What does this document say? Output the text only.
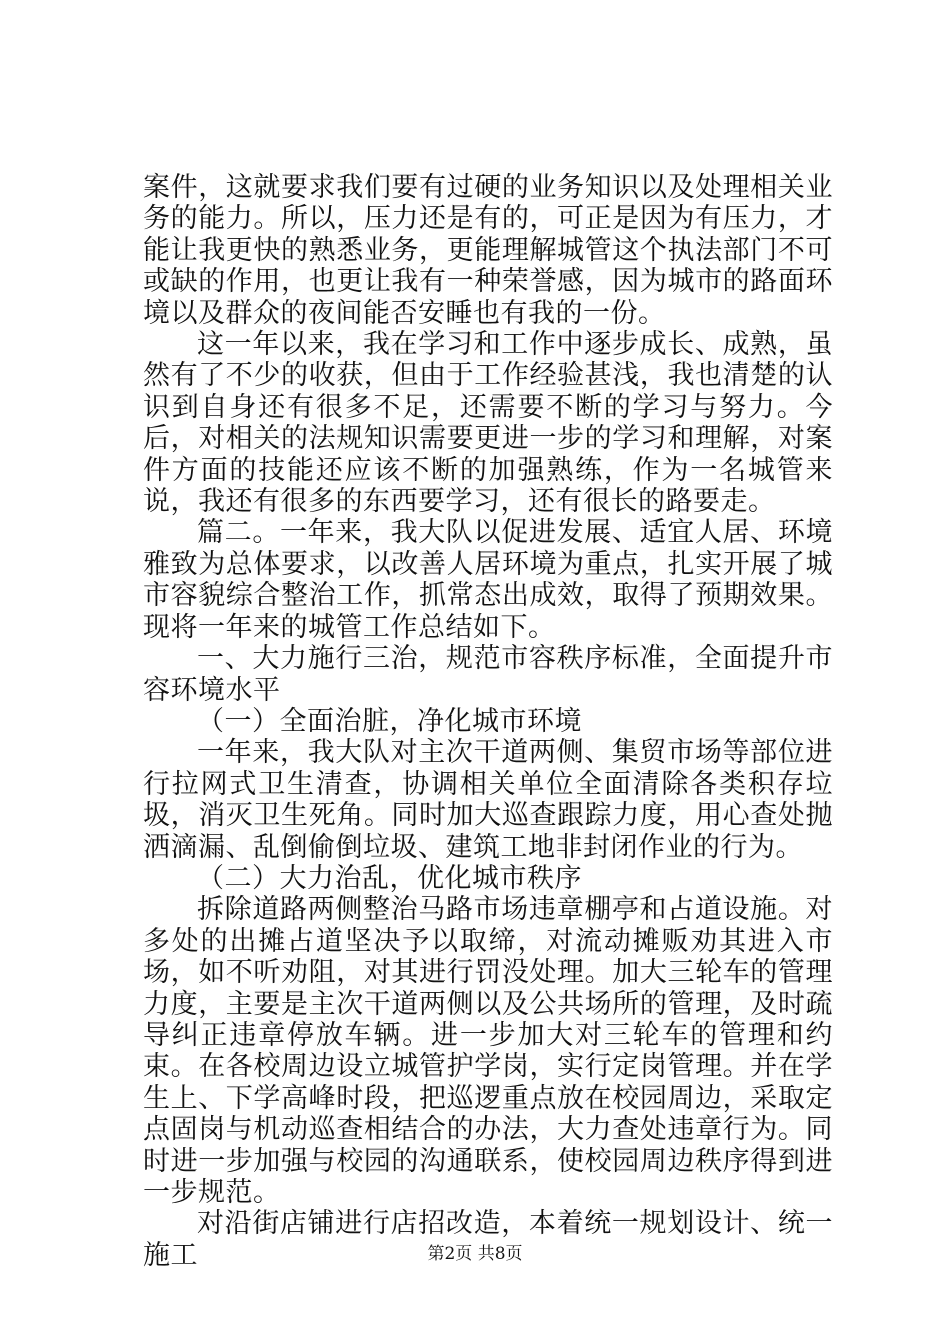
案件，这就要求我们要有过硬的业务知识以及处理相关业务的能力。所以，压力还是有的，可正是因为有压力，才能让我更快的熟悉业务，更能理解城管这个执法部门不可或缺的作用，也更让我有一种荣誉感，因为城市的路面环境以及群众的夜间能否安睡也有我的一份。

这一年以来，我在学习和工作中逐步成长、成熟，虽然有了不少的收获，但由于工作经验甚浅，我也清楚的认识到自身还有很多不足，还需要不断的学习与努力。今后，对相关的法规知识需要更进一步的学习和理解，对案件方面的技能还应该不断的加强熟练，作为一名城管来说，我还有很多的东西要学习，还有很长的路要走。

篇二。一年来，我大队以促进发展、适宜人居、环境雅致为总体要求，以改善人居环境为重点，扎实开展了城市容貌综合整治工作，抓常态出成效，取得了预期效果。现将一年来的城管工作总结如下。

一、大力施行三治，规范市容秩序标准，全面提升市容环境水平

（一）全面治脏，净化城市环境

一年来，我大队对主次干道两侧、集贸市场等部位进行拉网式卫生清查，协调相关单位全面清除各类积存垃圾，消灭卫生死角。同时加大巡查跟踪力度，用心查处抛洒滴漏、乱倒偷倒垃圾、建筑工地非封闭作业的行为。

（二）大力治乱，优化城市秩序

拆除道路两侧整治马路市场违章棚亭和占道设施。对多处的出摊占道坚决予以取缔，对流动摊贩劝其进入市场，如不听劝阻，对其进行罚没处理。加大三轮车的管理力度，主要是主次干道两侧以及公共场所的管理，及时疏导纠正违章停放车辆。进一步加大对三轮车的管理和约束。在各校周边设立城管护学岗，实行定岗管理。并在学生上、下学高峰时段，把巡逻重点放在校园周边，采取定点固岗与机动巡查相结合的办法，大力查处违章行为。同时进一步加强与校园的沟通联系，使校园周边秩序得到进一步规范。

对沿街店铺进行店招改造，本着统一规划设计、统一施工	第2页 共8页
